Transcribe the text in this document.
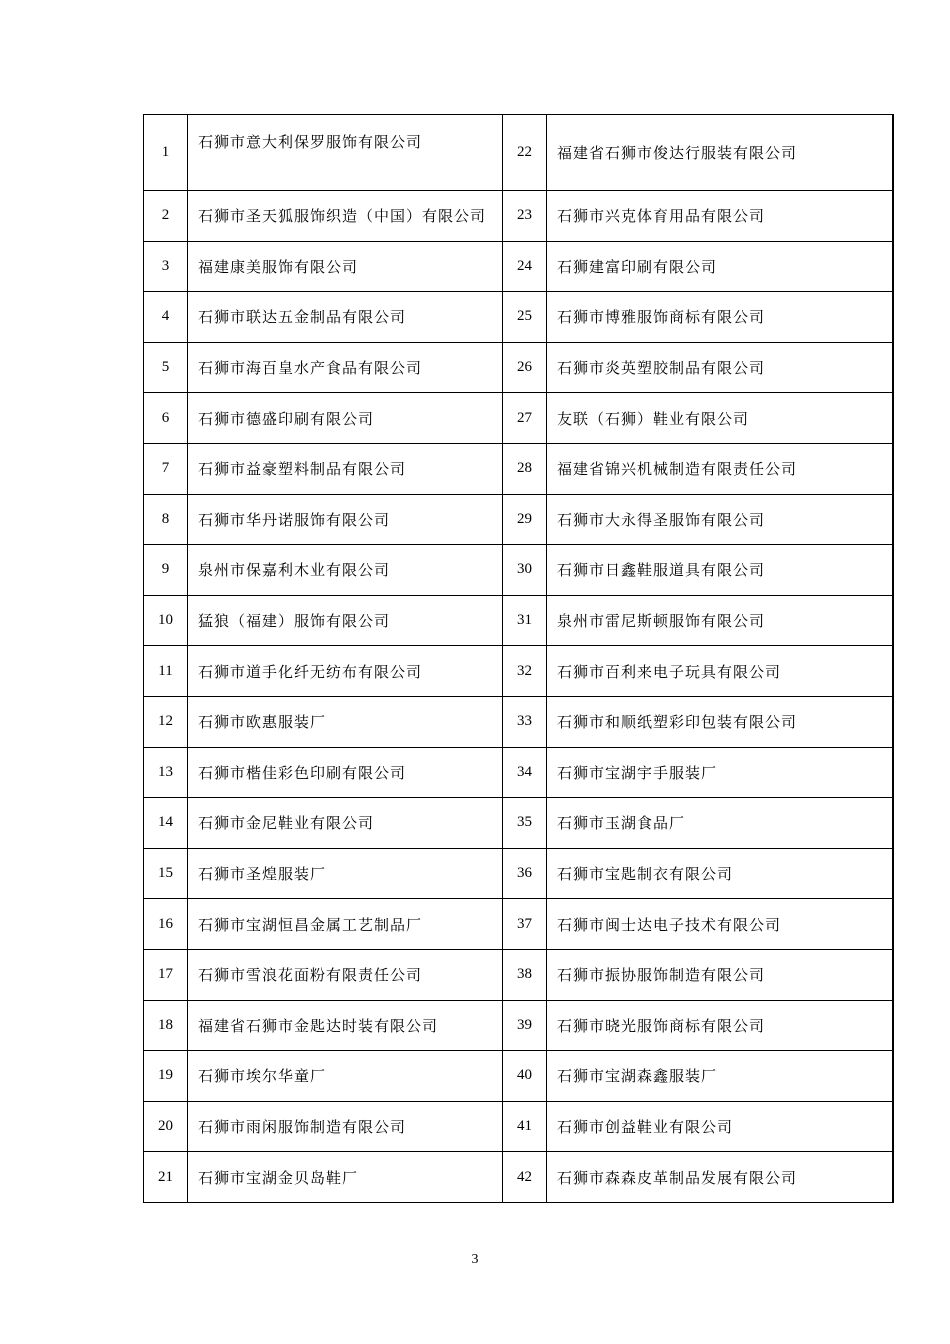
1	石狮市意大利保罗服饰有限公司	22	福建省石狮市俊达行服装有限公司
2	石狮市圣天狐服饰织造（中国）有限公司	23	石狮市兴克体育用品有限公司
3	福建康美服饰有限公司	24	石狮建富印刷有限公司
4	石狮市联达五金制品有限公司	25	石狮市博雅服饰商标有限公司
5	石狮市海百皇水产食品有限公司	26	石狮市炎英塑胶制品有限公司
6	石狮市德盛印刷有限公司	27	友联（石狮）鞋业有限公司
7	石狮市益豪塑料制品有限公司	28	福建省锦兴机械制造有限责任公司
8	石狮市华丹诺服饰有限公司	29	石狮市大永得圣服饰有限公司
9	泉州市保嘉利木业有限公司	30	石狮市日鑫鞋服道具有限公司
10	猛狼（福建）服饰有限公司	31	泉州市雷尼斯顿服饰有限公司
11	石狮市道手化纤无纺布有限公司	32	石狮市百利来电子玩具有限公司
12	石狮市欧惠服装厂	33	石狮市和顺纸塑彩印包装有限公司
13	石狮市楷佳彩色印刷有限公司	34	石狮市宝湖宇手服装厂
14	石狮市金尼鞋业有限公司	35	石狮市玉湖食品厂
15	石狮市圣煌服装厂	36	石狮市宝匙制衣有限公司
16	石狮市宝湖恒昌金属工艺制品厂	37	石狮市闽士达电子技术有限公司
17	石狮市雪浪花面粉有限责任公司	38	石狮市振协服饰制造有限公司
18	福建省石狮市金匙达时装有限公司	39	石狮市晓光服饰商标有限公司
19	石狮市埃尔华童厂	40	石狮市宝湖森鑫服装厂
20	石狮市雨闲服饰制造有限公司	41	石狮市创益鞋业有限公司
21	石狮市宝湖金贝岛鞋厂	42	石狮市森森皮革制品发展有限公司
3
